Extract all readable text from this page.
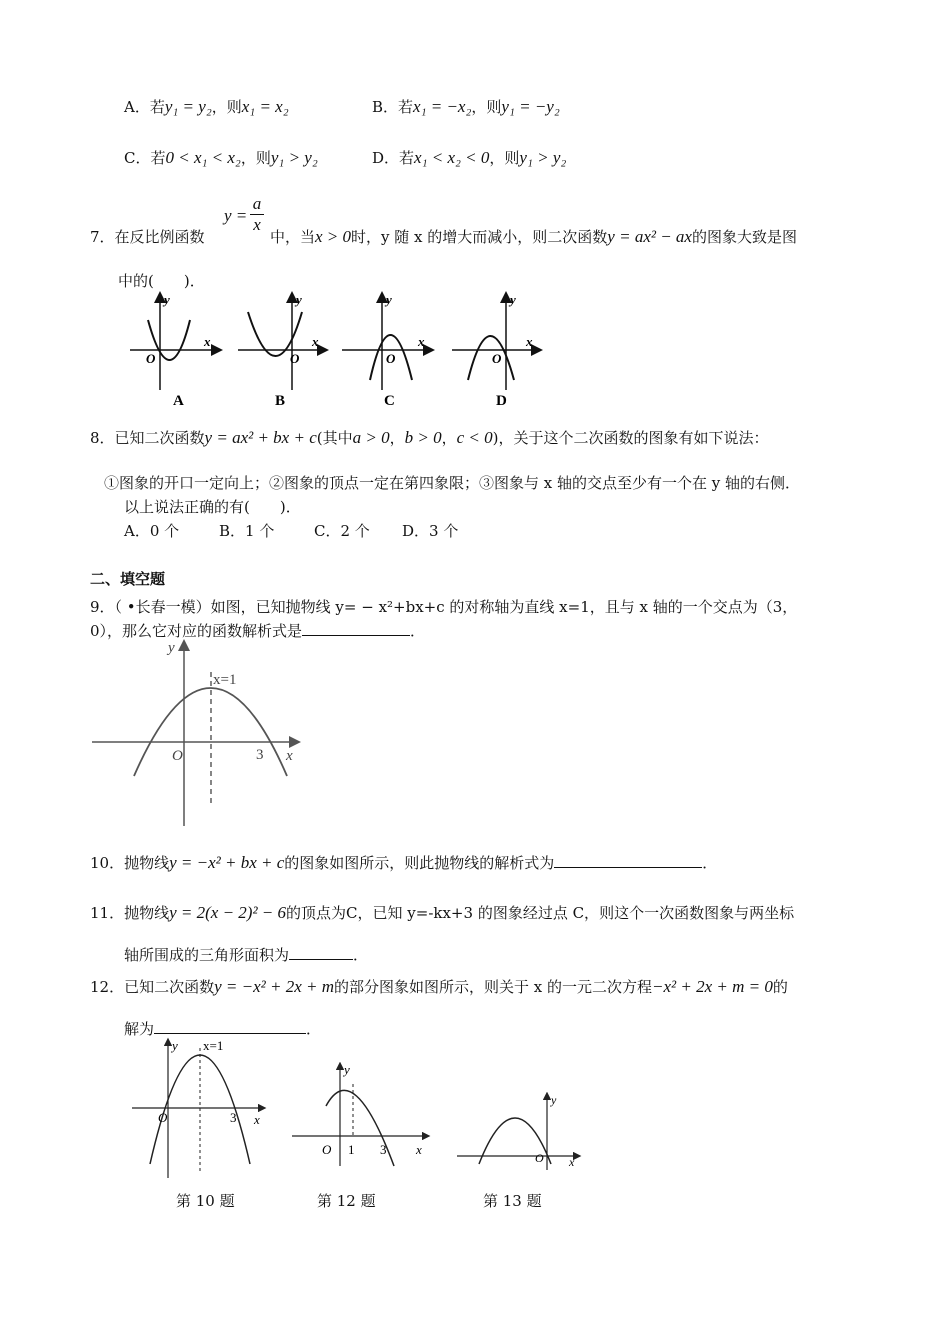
A．若y₁ = y₂，则x₁ = x₂	B．若x₁ = −x₂，则y₁ = −y₂
C．若0 < x₁ < x₂，则y₁ > y₂	D．若x₁ < x₂ < 0，则y₁ > y₂
7．在反比例函数
y =
a
x
中，当x > 0时，y 随 x 的增大而减小，则二次函数y = ax² − ax的图象大致是图
中的(　　)．
y
x
O
A
y
x
O
B
y
x
O
C
y
x
O
D
8．已知二次函数y = ax² + bx + c(其中a > 0，b > 0，c < 0)，关于这个二次函数的图象有如下说法：
①图象的开口一定向上；②图象的顶点一定在第四象限；③图象与 x 轴的交点至少有一个在 y 轴的右侧．
以上说法正确的有(　　)．
A．0 个	B．1 个	C．2 个 D．3 个
二、填空题
9．（ •长春一模）如图，已知抛物线 y= − x²+bx+c 的对称轴为直线 x=1，且与 x 轴的一个交点为（3，
0），那么它对应的函数解析式是	．
y
x
O	3
x=1
10．抛物线y = −x² + bx + c的图象如图所示，则此抛物线的解析式为	．
11．抛物线y = 2(x − 2)² − 6的顶点为C，已知 y=-kx+3 的图象经过点 C，则这个一次函数图象与两坐标
轴所围成的三角形面积为	．
12．已知二次函数y = −x² + 2x + m的部分图象如图所示，则关于 x 的一元二次方程−x² + 2x + m = 0的
解为	．
y
x
O	3
x=1
第 10 题
y
x
O 1 3
第 12 题
y
x
O
第 13 题
